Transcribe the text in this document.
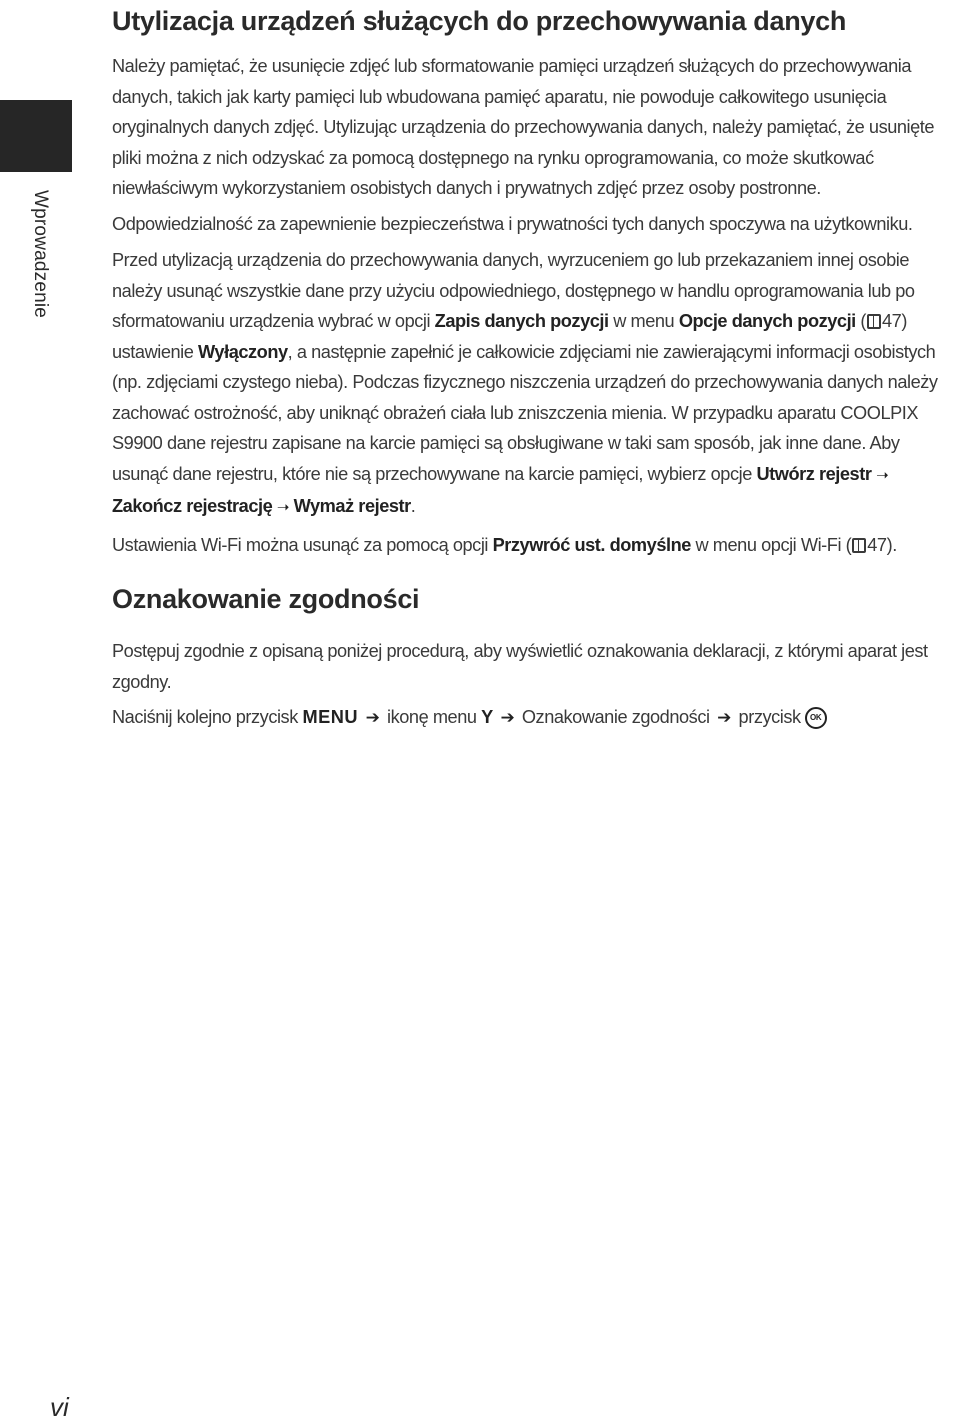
Wprowadzenie
Utylizacja urządzeń służących do przechowywania danych

Należy pamiętać, że usunięcie zdjęć lub sformatowanie pamięci urządzeń służących do przechowywania danych, takich jak karty pamięci lub wbudowana pamięć aparatu, nie powoduje całkowitego usunięcia oryginalnych danych zdjęć. Utylizując urządzenia do przechowywania danych, należy pamiętać, że usunięte pliki można z nich odzyskać za pomocą dostępnego na rynku oprogramowania, co może skutkować niewłaściwym wykorzystaniem osobistych danych i prywatnych zdjęć przez osoby postronne.

Odpowiedzialność za zapewnienie bezpieczeństwa i prywatności tych danych spoczywa na użytkowniku.

Przed utylizacją urządzenia do przechowywania danych, wyrzuceniem go lub przekazaniem innej osobie należy usunąć wszystkie dane przy użyciu odpowiedniego, dostępnego w handlu oprogramowania lub po sformatowaniu urządzenia wybrać w opcji Zapis danych pozycji w menu Opcje danych pozycji ( 47) ustawienie Wyłączony, a następnie zapełnić je całkowicie zdjęciami nie zawierającymi informacji osobistych (np. zdjęciami czystego nieba). Podczas fizycznego niszczenia urządzeń do przechowywania danych należy zachować ostrożność, aby uniknąć obrażeń ciała lub zniszczenia mienia. W przypadku aparatu COOLPIX S9900 dane rejestru zapisane na karcie pamięci są obsługiwane w taki sam sposób, jak inne dane. Aby usunąć dane rejestru, które nie są przechowywane na karcie pamięci, wybierz opcje Utwórz rejestr ➝ Zakończ rejestrację ➝ Wymaż rejestr.

Ustawienia Wi-Fi można usunąć za pomocą opcji Przywróć ust. domyślne w menu opcji Wi-Fi ( 47).

Oznakowanie zgodności

Postępuj zgodnie z opisaną poniżej procedurą, aby wyświetlić oznakowania deklaracji, z którymi aparat jest zgodny.

Naciśnij kolejno przycisk MENU ➔ ikonę menu Y ➔ Oznakowanie zgodności ➔ przycisk OK

vi
